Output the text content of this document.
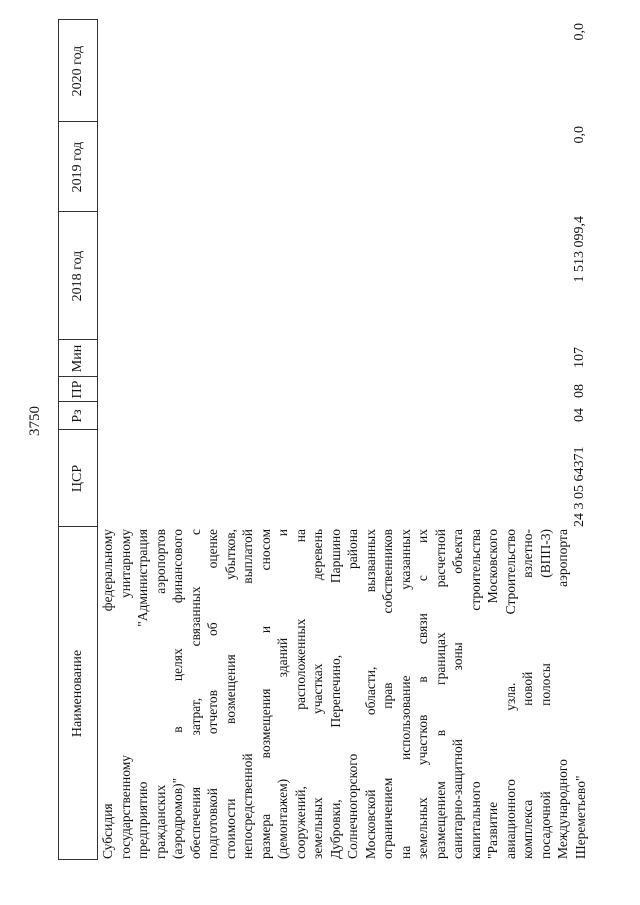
3750
Наименование
ЦСР
Рз
ПР
Мин
2018 год
2019 год
2020 год
Субсидия федеральному государственному унитарному предприятию "Администрация гражданских аэропортов (аэродромов)" в целях финансового обеспечения затрат, связанных с подготовкой отчетов об оценке стоимости возмещения убытков, непосредственной выплатой размера возмещения и сносом (демонтажем) зданий и сооружений, расположенных на земельных участках деревень Дубровки, Перепечино, Паршино Солнечногорского района Московской области, вызванных ограничением прав собственников на использование указанных земельных участков в связи с их размещением в границах расчетной санитарно-защитной зоны объекта капитального строительства "Развитие Московского авиационного узла. Строительство комплекса новой взлетно- посадочной полосы (ВПП-3) Международного аэропорта Шереметьево"
24 3 05 64371
04
08
107
1 513 099,4
0,0
0,0
